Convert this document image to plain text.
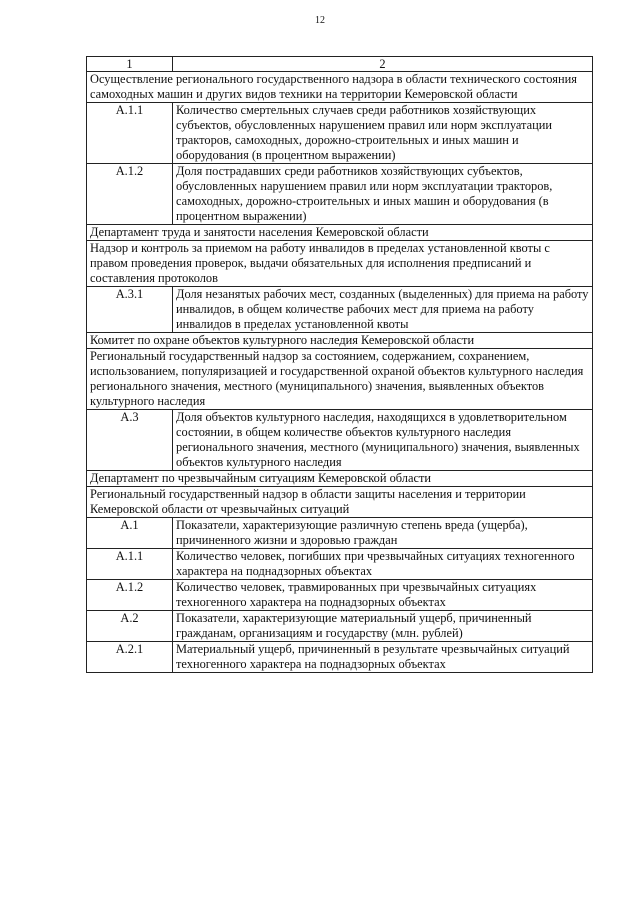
12
1	2
Осуществление регионального государственного надзора в области технического состояния самоходных машин и других видов техники на территории Кемеровской области	
А.1.1	Количество смертельных случаев среди работников хозяйствующих субъектов, обусловленных нарушением правил или норм эксплуатации тракторов, самоходных, дорожно-строительных и иных машин и оборудования (в процентном выражении)
А.1.2	Доля пострадавших среди работников хозяйствующих субъектов, обусловленных нарушением правил или норм эксплуатации тракторов, самоходных, дорожно-строительных и иных машин и оборудования (в процентном выражении)
Департамент труда и занятости населения Кемеровской области	
Надзор и контроль за приемом на работу инвалидов в пределах установленной квоты с правом проведения проверок, выдачи обязательных для исполнения предписаний и составления протоколов	
А.3.1	Доля незанятых рабочих мест, созданных (выделенных) для приема на работу инвалидов, в общем количестве рабочих мест для приема на работу инвалидов в пределах установленной квоты
Комитет по охране объектов культурного наследия Кемеровской области	
Региональный государственный надзор за состоянием, содержанием, сохранением, использованием, популяризацией и государственной охраной объектов культурного наследия регионального значения, местного (муниципального) значения, выявленных объектов культурного наследия	
А.3	Доля объектов культурного наследия, находящихся в удовлетворительном состоянии, в общем количестве объектов культурного наследия регионального значения, местного (муниципального) значения, выявленных объектов культурного наследия
Департамент по чрезвычайным ситуациям Кемеровской области	
Региональный государственный надзор в области защиты населения и территории Кемеровской области от чрезвычайных ситуаций	
А.1	Показатели, характеризующие различную степень вреда (ущерба), причиненного жизни и здоровью граждан
А.1.1	Количество человек, погибших при чрезвычайных ситуациях техногенного характера на поднадзорных объектах
А.1.2	Количество человек, травмированных при чрезвычайных ситуациях техногенного характера на поднадзорных объектах
А.2	Показатели, характеризующие материальный ущерб, причиненный гражданам, организациям и государству (млн. рублей)
А.2.1	Материальный ущерб, причиненный в результате чрезвычайных ситуаций техногенного характера на поднадзорных объектах
